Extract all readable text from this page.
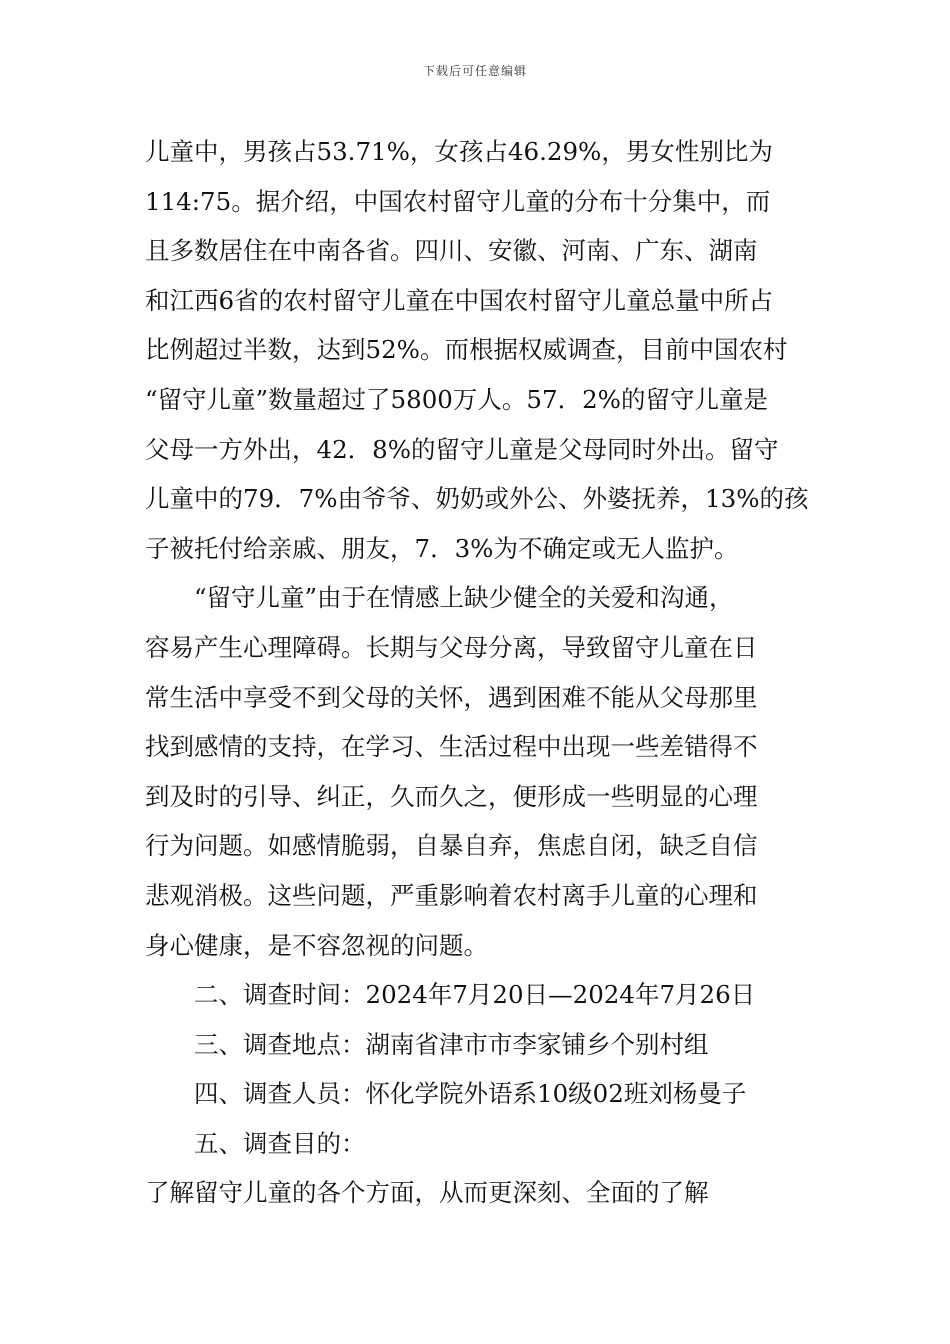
下载后可任意编辑
儿童中，男孩占53.71%，女孩占46.29%，男女性别比为
114:75。据介绍，中国农村留守儿童的分布十分集中，而
且多数居住在中南各省。四川、安徽、河南、广东、湖南
和江西6省的农村留守儿童在中国农村留守儿童总量中所占
比例超过半数，达到52%。而根据权威调查，目前中国农村
“留守儿童”数量超过了5800万人。57．2%的留守儿童是
父母一方外出，42．8%的留守儿童是父母同时外出。留守
儿童中的79．7%由爷爷、奶奶或外公、外婆抚养，13%的孩
子被托付给亲戚、朋友，7．3%为不确定或无人监护。
“留守儿童”由于在情感上缺少健全的关爱和沟通，
容易产生心理障碍。长期与父母分离，导致留守儿童在日
常生活中享受不到父母的关怀，遇到困难不能从父母那里
找到感情的支持，在学习、生活过程中出现一些差错得不
到及时的引导、纠正，久而久之，便形成一些明显的心理
行为问题。如感情脆弱，自暴自弃，焦虑自闭，缺乏自信
悲观消极。这些问题，严重影响着农村离手儿童的心理和
身心健康，是不容忽视的问题。
二、调查时间：2024年7月20日—2024年7月26日
三、调查地点：湖南省津市市李家铺乡个别村组
四、调查人员：怀化学院外语系10级02班刘杨曼子
五、调查目的：
了解留守儿童的各个方面，从而更深刻、全面的了解
